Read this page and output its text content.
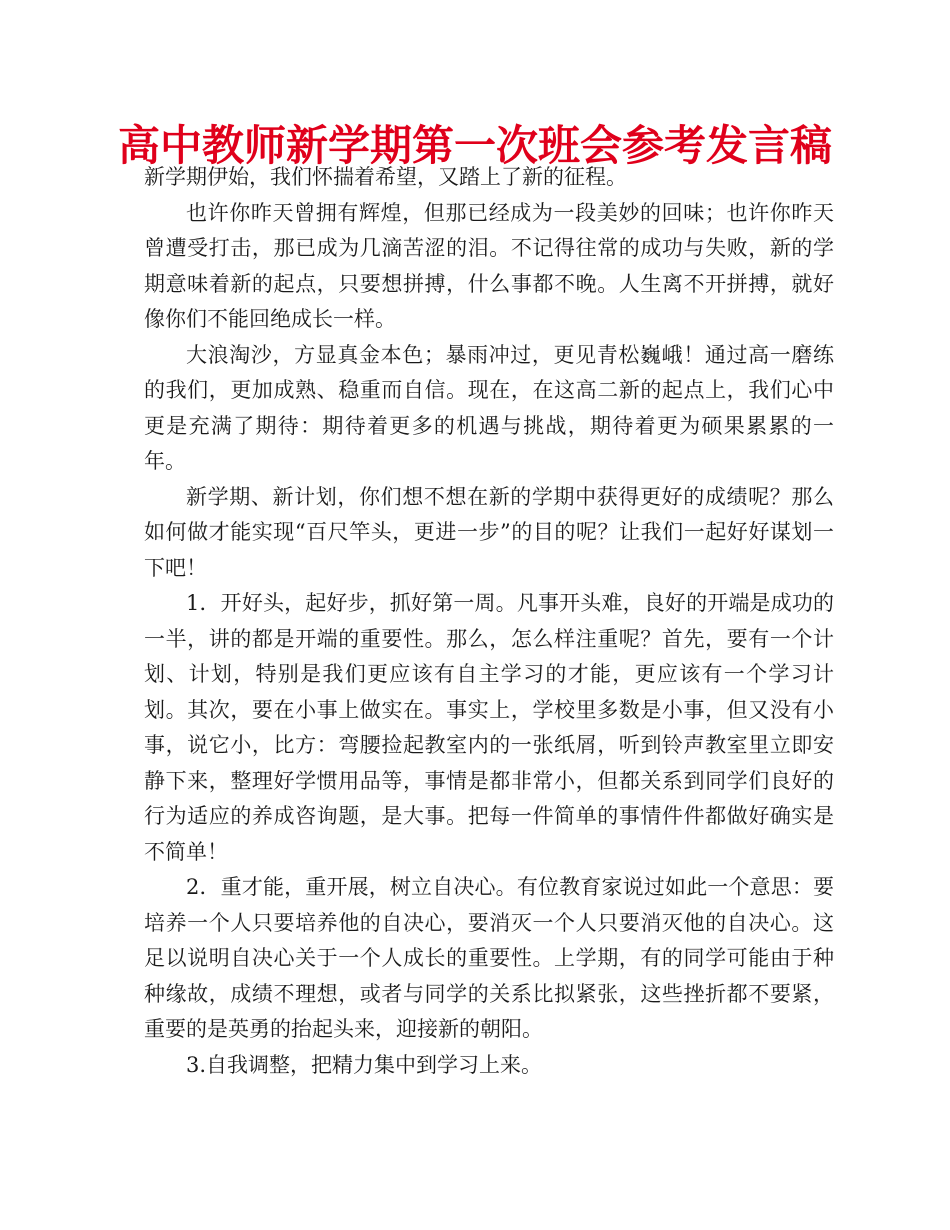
高中教师新学期第一次班会参考发言稿

新学期伊始，我们怀揣着希望，又踏上了新的征程。

也许你昨天曾拥有辉煌，但那已经成为一段美妙的回味；也许你昨天曾遭受打击，那已成为几滴苦涩的泪。不记得往常的成功与失败，新的学期意味着新的起点，只要想拼搏，什么事都不晚。人生离不开拼搏，就好像你们不能回绝成长一样。

大浪淘沙，方显真金本色；暴雨冲过，更见青松巍峨！通过高一磨练的我们，更加成熟、稳重而自信。现在，在这高二新的起点上，我们心中更是充满了期待：期待着更多的机遇与挑战，期待着更为硕果累累的一年。

新学期、新计划，你们想不想在新的学期中获得更好的成绩呢？那么如何做才能实现“百尺竿头，更进一步”的目的呢？让我们一起好好谋划一下吧！

1．开好头，起好步，抓好第一周。凡事开头难，良好的开端是成功的一半，讲的都是开端的重要性。那么，怎么样注重呢？首先，要有一个计划、计划，特别是我们更应该有自主学习的才能，更应该有一个学习计划。其次，要在小事上做实在。事实上，学校里多数是小事，但又没有小事，说它小，比方：弯腰捡起教室内的一张纸屑，听到铃声教室里立即安静下来，整理好学惯用品等，事情是都非常小，但都关系到同学们良好的行为适应的养成咨询题，是大事。把每一件简单的事情件件都做好确实是不简单！

2．重才能，重开展，树立自决心。有位教育家说过如此一个意思：要培养一个人只要培养他的自决心，要消灭一个人只要消灭他的自决心。这足以说明自决心关于一个人成长的重要性。上学期，有的同学可能由于种种缘故，成绩不理想，或者与同学的关系比拟紧张，这些挫折都不要紧，重要的是英勇的抬起头来，迎接新的朝阳。

3.自我调整，把精力集中到学习上来。
